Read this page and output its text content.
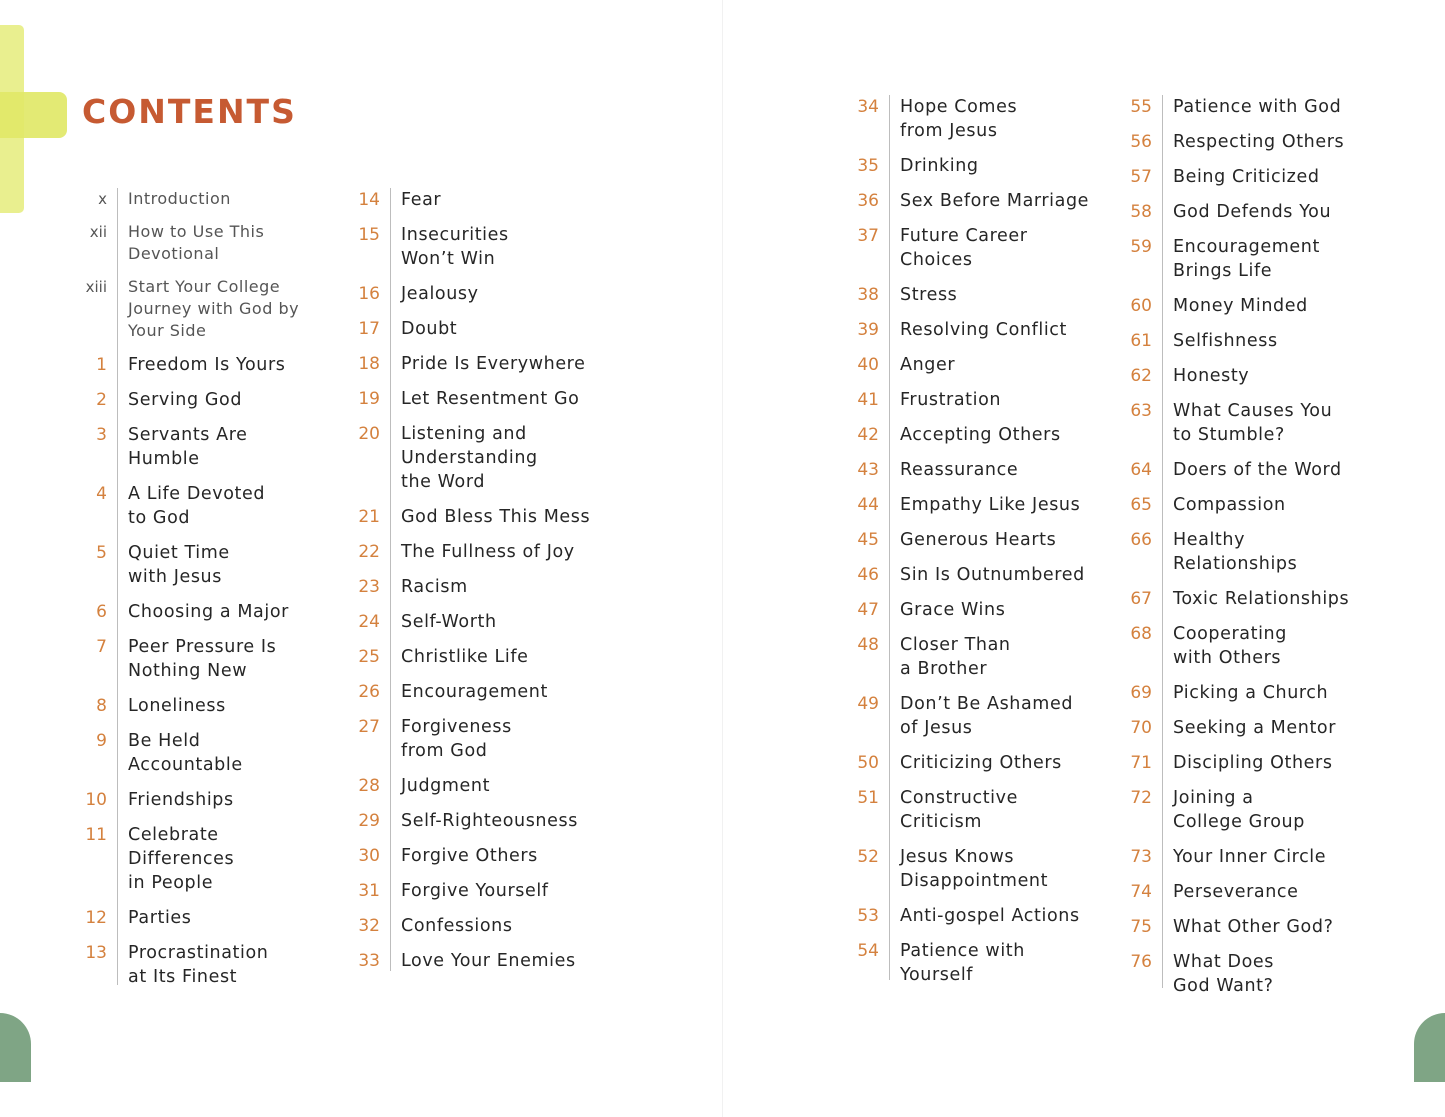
CONTENTS
x Introduction
xii How to Use This
Devotional
xiii Start Your College
Journey with God by
Your Side
1 Freedom Is Yours
2 Serving God
3 Servants Are
Humble
4 A Life Devoted
to God
5 Quiet Time
with Jesus
6 Choosing a Major
7 Peer Pressure Is
Nothing New
8 Loneliness
9 Be Held
Accountable
10 Friendships
11 Celebrate
Differences
in People
12 Parties
13 Procrastination
at Its Finest
14 Fear
15 Insecurities
Won’t Win
16 Jealousy
17 Doubt
18 Pride Is Everywhere
19 Let Resentment Go
20 Listening and
Understanding
the Word
21 God Bless This Mess
22 The Fullness of Joy
23 Racism
24 Self-Worth
25 Christlike Life
26 Encouragement
27 Forgiveness
from God
28 Judgment
29 Self-Righteousness
30 Forgive Others
31 Forgive Yourself
32 Confessions
33 Love Your Enemies
34 Hope Comes
from Jesus
35 Drinking
36 Sex Before Marriage
37 Future Career
Choices
38 Stress
39 Resolving Conflict
40 Anger
41 Frustration
42 Accepting Others
43 Reassurance
44 Empathy Like Jesus
45 Generous Hearts
46 Sin Is Outnumbered
47 Grace Wins
48 Closer Than
a Brother
49 Don’t Be Ashamed
of Jesus
50 Criticizing Others
51 Constructive
Criticism
52 Jesus Knows
Disappointment
53 Anti-gospel Actions
54 Patience with
Yourself
55 Patience with God
56 Respecting Others
57 Being Criticized
58 God Defends You
59 Encouragement
Brings Life
60 Money Minded
61 Selfishness
62 Honesty
63 What Causes You
to Stumble?
64 Doers of the Word
65 Compassion
66 Healthy
Relationships
67 Toxic Relationships
68 Cooperating
with Others
69 Picking a Church
70 Seeking a Mentor
71 Discipling Others
72 Joining a
College Group
73 Your Inner Circle
74 Perseverance
75 What Other God?
76 What Does
God Want?
